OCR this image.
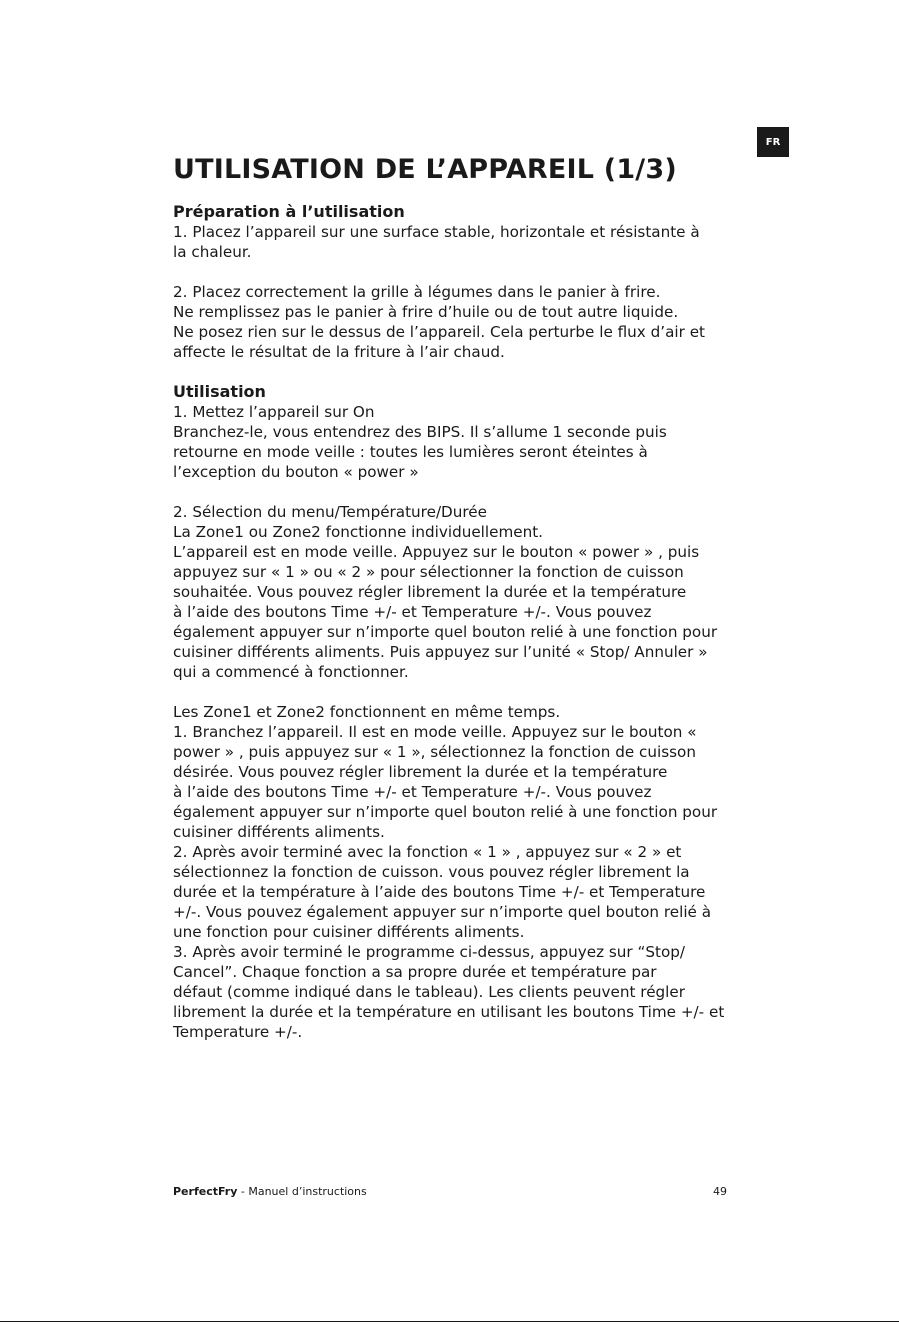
FR
UTILISATION DE L’APPAREIL (1/3)
Préparation à l’utilisation

1. Placez l’appareil sur une surface stable, horizontale et résistante à
la chaleur.

2. Placez correctement la grille à légumes dans le panier à frire.
Ne remplissez pas le panier à frire d’huile ou de tout autre liquide.
Ne posez rien sur le dessus de l’appareil. Cela perturbe le flux d’air et
affecte le résultat de la friture à l’air chaud.

Utilisation

1. Mettez l’appareil sur On
Branchez-le, vous entendrez des BIPS. Il s’allume 1 seconde puis
retourne en mode veille : toutes les lumières seront éteintes à
l’exception du bouton « power »

2. Sélection du menu/Température/Durée
La Zone1 ou Zone2 fonctionne individuellement.
L’appareil est en mode veille. Appuyez sur le bouton « power » , puis
appuyez sur « 1 » ou « 2 » pour sélectionner la fonction de cuisson
souhaitée. Vous pouvez régler librement la durée et la température
à l’aide des boutons Time +/- et Temperature +/-. Vous pouvez
également appuyer sur n’importe quel bouton relié à une fonction pour
cuisiner différents aliments. Puis appuyez sur l’unité « Stop/ Annuler »
qui a commencé à fonctionner.

Les Zone1 et Zone2 fonctionnent en même temps.
1. Branchez l’appareil. Il est en mode veille. Appuyez sur le bouton «
power » , puis appuyez sur « 1 », sélectionnez la fonction de cuisson
désirée. Vous pouvez régler librement la durée et la température
à l’aide des boutons Time +/- et Temperature +/-. Vous pouvez
également appuyer sur n’importe quel bouton relié à une fonction pour
cuisiner différents aliments.
2. Après avoir terminé avec la fonction « 1 » , appuyez sur « 2 » et
sélectionnez la fonction de cuisson. vous pouvez régler librement la
durée et la température à l’aide des boutons Time +/- et Temperature
+/-. Vous pouvez également appuyer sur n’importe quel bouton relié à
une fonction pour cuisiner différents aliments.
3. Après avoir terminé le programme ci-dessus, appuyez sur “Stop/
Cancel”. Chaque fonction a sa propre durée et température par
défaut (comme indiqué dans le tableau). Les clients peuvent régler
librement la durée et la température en utilisant les boutons Time +/- et
Temperature +/-.

PerfectFry - Manuel d’instructions	49
